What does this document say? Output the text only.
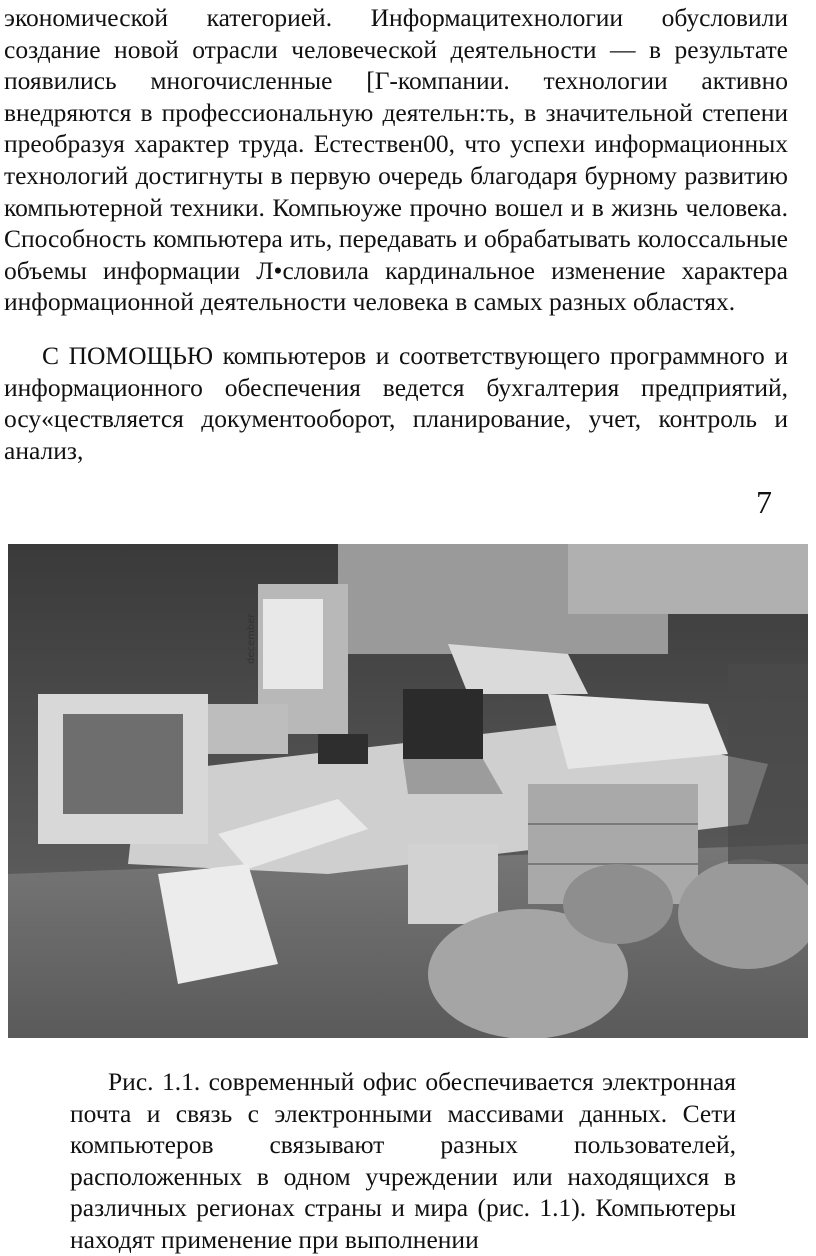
экономической категорией. Информацитехнологии обусловили создание новой отрасли человеческой деятельности — в результате появились многочисленные [Г-компании. технологии активно внедряются в профессиональную деятельн:ть, в значительной степени преобразуя характер труда. Естествен00, что успехи информационных технологий достигнуты в первую очередь благодаря бурному развитию компьютерной техники. Компьюуже прочно вошел и в жизнь человека. Способность компьютера ить, передавать и обрабатывать колоссальные объемы информации Л•словила кардинальное изменение характера информационной деятельности человека в самых разных областях.

С ПОМОЩЬЮ компьютеров и соответствующего программного и информационного обеспечения ведется бухгалтерия предприятий, осу«цествляется документооборот, планирование, учет, контроль и анализ,

7
december

Рис. 1.1. современный офис обеспечивается электронная почта и связь с электронными массивами данных. Сети компьютеров связывают разных пользователей, расположенных в одном учреждении или находящихся в различных регионах страны и мира (рис. 1.1). Компьютеры находят применение при выполнении
